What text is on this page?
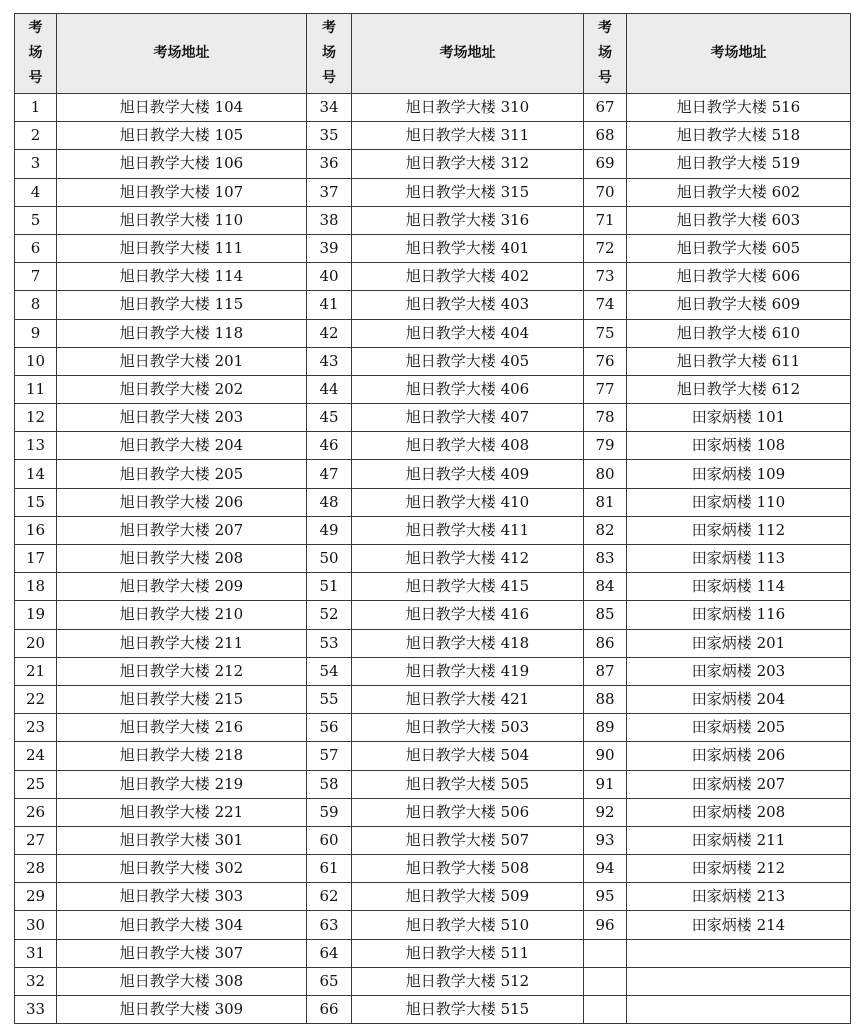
考
场
号	考场地址	考
场
号	考场地址	考
场
号	考场地址
1	旭日教学大楼 104	34	旭日教学大楼 310	67	旭日教学大楼 516
2	旭日教学大楼 105	35	旭日教学大楼 311	68	旭日教学大楼 518
3	旭日教学大楼 106	36	旭日教学大楼 312	69	旭日教学大楼 519
4	旭日教学大楼 107	37	旭日教学大楼 315	70	旭日教学大楼 602
5	旭日教学大楼 110	38	旭日教学大楼 316	71	旭日教学大楼 603
6	旭日教学大楼 111	39	旭日教学大楼 401	72	旭日教学大楼 605
7	旭日教学大楼 114	40	旭日教学大楼 402	73	旭日教学大楼 606
8	旭日教学大楼 115	41	旭日教学大楼 403	74	旭日教学大楼 609
9	旭日教学大楼 118	42	旭日教学大楼 404	75	旭日教学大楼 610
10	旭日教学大楼 201	43	旭日教学大楼 405	76	旭日教学大楼 611
11	旭日教学大楼 202	44	旭日教学大楼 406	77	旭日教学大楼 612
12	旭日教学大楼 203	45	旭日教学大楼 407	78	田家炳楼 101
13	旭日教学大楼 204	46	旭日教学大楼 408	79	田家炳楼 108
14	旭日教学大楼 205	47	旭日教学大楼 409	80	田家炳楼 109
15	旭日教学大楼 206	48	旭日教学大楼 410	81	田家炳楼 110
16	旭日教学大楼 207	49	旭日教学大楼 411	82	田家炳楼 112
17	旭日教学大楼 208	50	旭日教学大楼 412	83	田家炳楼 113
18	旭日教学大楼 209	51	旭日教学大楼 415	84	田家炳楼 114
19	旭日教学大楼 210	52	旭日教学大楼 416	85	田家炳楼 116
20	旭日教学大楼 211	53	旭日教学大楼 418	86	田家炳楼 201
21	旭日教学大楼 212	54	旭日教学大楼 419	87	田家炳楼 203
22	旭日教学大楼 215	55	旭日教学大楼 421	88	田家炳楼 204
23	旭日教学大楼 216	56	旭日教学大楼 503	89	田家炳楼 205
24	旭日教学大楼 218	57	旭日教学大楼 504	90	田家炳楼 206
25	旭日教学大楼 219	58	旭日教学大楼 505	91	田家炳楼 207
26	旭日教学大楼 221	59	旭日教学大楼 506	92	田家炳楼 208
27	旭日教学大楼 301	60	旭日教学大楼 507	93	田家炳楼 211
28	旭日教学大楼 302	61	旭日教学大楼 508	94	田家炳楼 212
29	旭日教学大楼 303	62	旭日教学大楼 509	95	田家炳楼 213
30	旭日教学大楼 304	63	旭日教学大楼 510	96	田家炳楼 214
31	旭日教学大楼 307	64	旭日教学大楼 511		
32	旭日教学大楼 308	65	旭日教学大楼 512		
33	旭日教学大楼 309	66	旭日教学大楼 515		
